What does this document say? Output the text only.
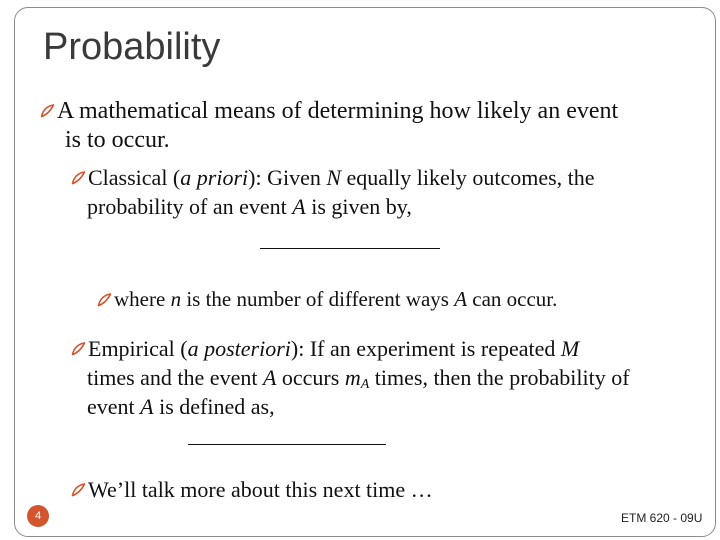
Probability
A mathematical means of determining how likely an event
is to occur.
Classical (a priori): Given N equally likely outcomes, the
probability of an event A is given by,
where n is the number of different ways A can occur.
Empirical (a posteriori): If an experiment is repeated M
times and the event A occurs $m_A$ times, then the probability of
event A is defined as,
We’ll talk more about this next time …
4	ETM 620 - 09U
